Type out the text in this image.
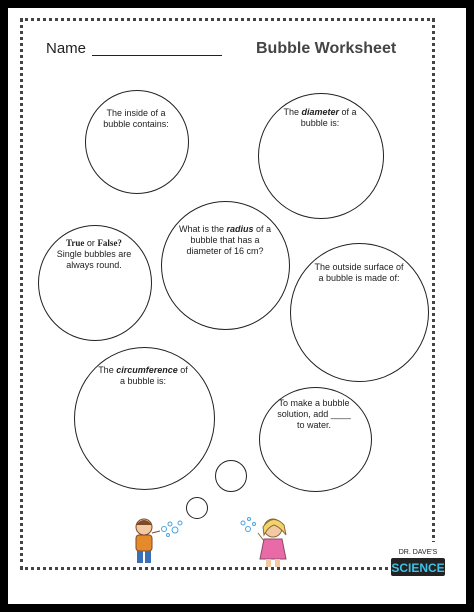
Name	Bubble Worksheet
The inside of a bubble contains:
The diameter of a bubble is:
True or False?
Single bubbles are always round.
What is the radius of a bubble that has a diameter of 16 cm?
The outside surface of a bubble is made of:
The circumference of a bubble is:
To make a bubble solution, add ____ to water.
DR. DAVE'S
SCIENCE
